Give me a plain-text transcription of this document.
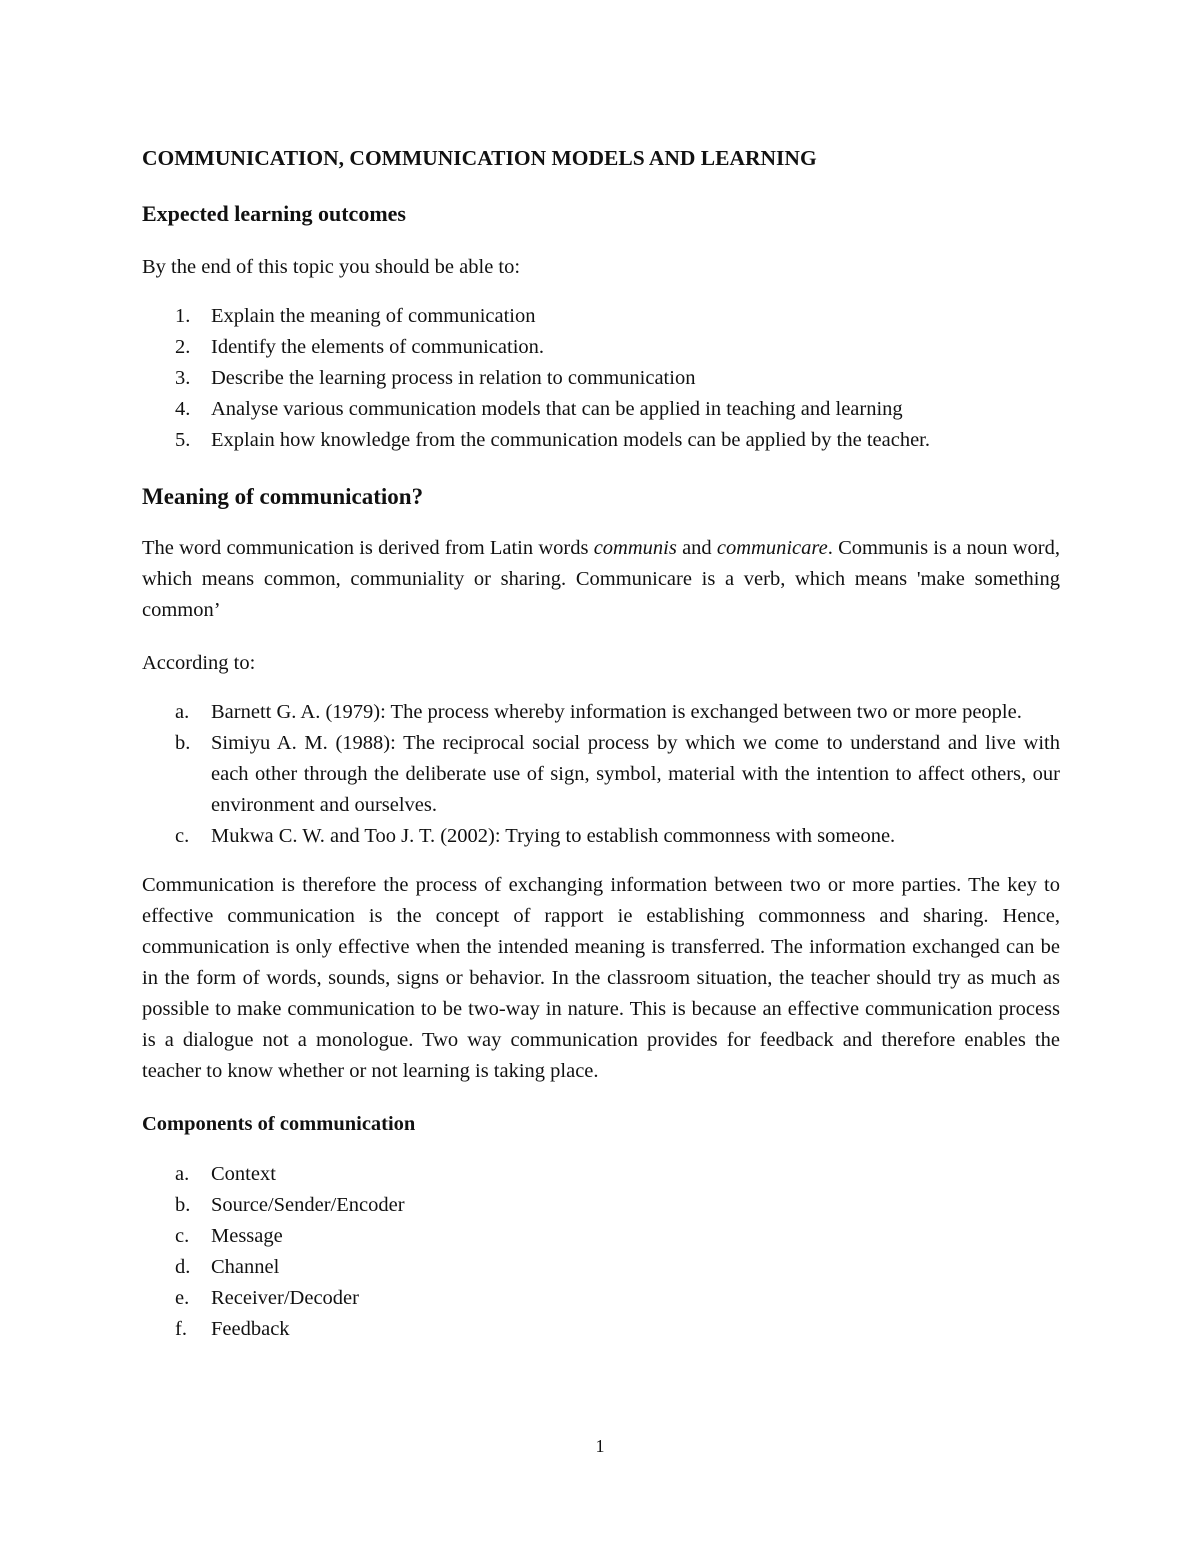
COMMUNICATION, COMMUNICATION MODELS AND LEARNING
Expected learning outcomes

By the end of this topic you should be able to:

1.	Explain the meaning of communication
2.	Identify the elements of communication.
3.	Describe the learning process in relation to communication
4.	Analyse various communication models that can be applied in teaching and learning
5.	Explain how knowledge from the communication models can be applied by the teacher.
Meaning of communication?

The word communication is derived from Latin words communis and communicare. Communis is a noun word, which means common, communiality or sharing. Communicare is a verb, which means 'make something common’

According to:

a.	Barnett G. A. (1979): The process whereby information is exchanged between two or more people.
b.	Simiyu A. M. (1988): The reciprocal social process by which we come to understand and live with each other through the deliberate use of sign, symbol, material with the intention to affect others, our environment and ourselves.
c.	Mukwa C. W. and Too J. T. (2002): Trying to establish commonness with someone.

Communication is therefore the process of exchanging information between two or more parties. The key to effective communication is the concept of rapport ie establishing commonness and sharing. Hence, communication is only effective when the intended meaning is transferred. The information exchanged can be in the form of words, sounds, signs or behavior. In the classroom situation, the teacher should try as much as possible to make communication to be two-way in nature. This is because an effective communication process is a dialogue not a monologue. Two way communication provides for feedback and therefore enables the teacher to know whether or not learning is taking place.

Components of communication
a.	Context
b.	Source/Sender/Encoder
c.	Message
d.	Channel
e.	Receiver/Decoder
f.	Feedback
1
